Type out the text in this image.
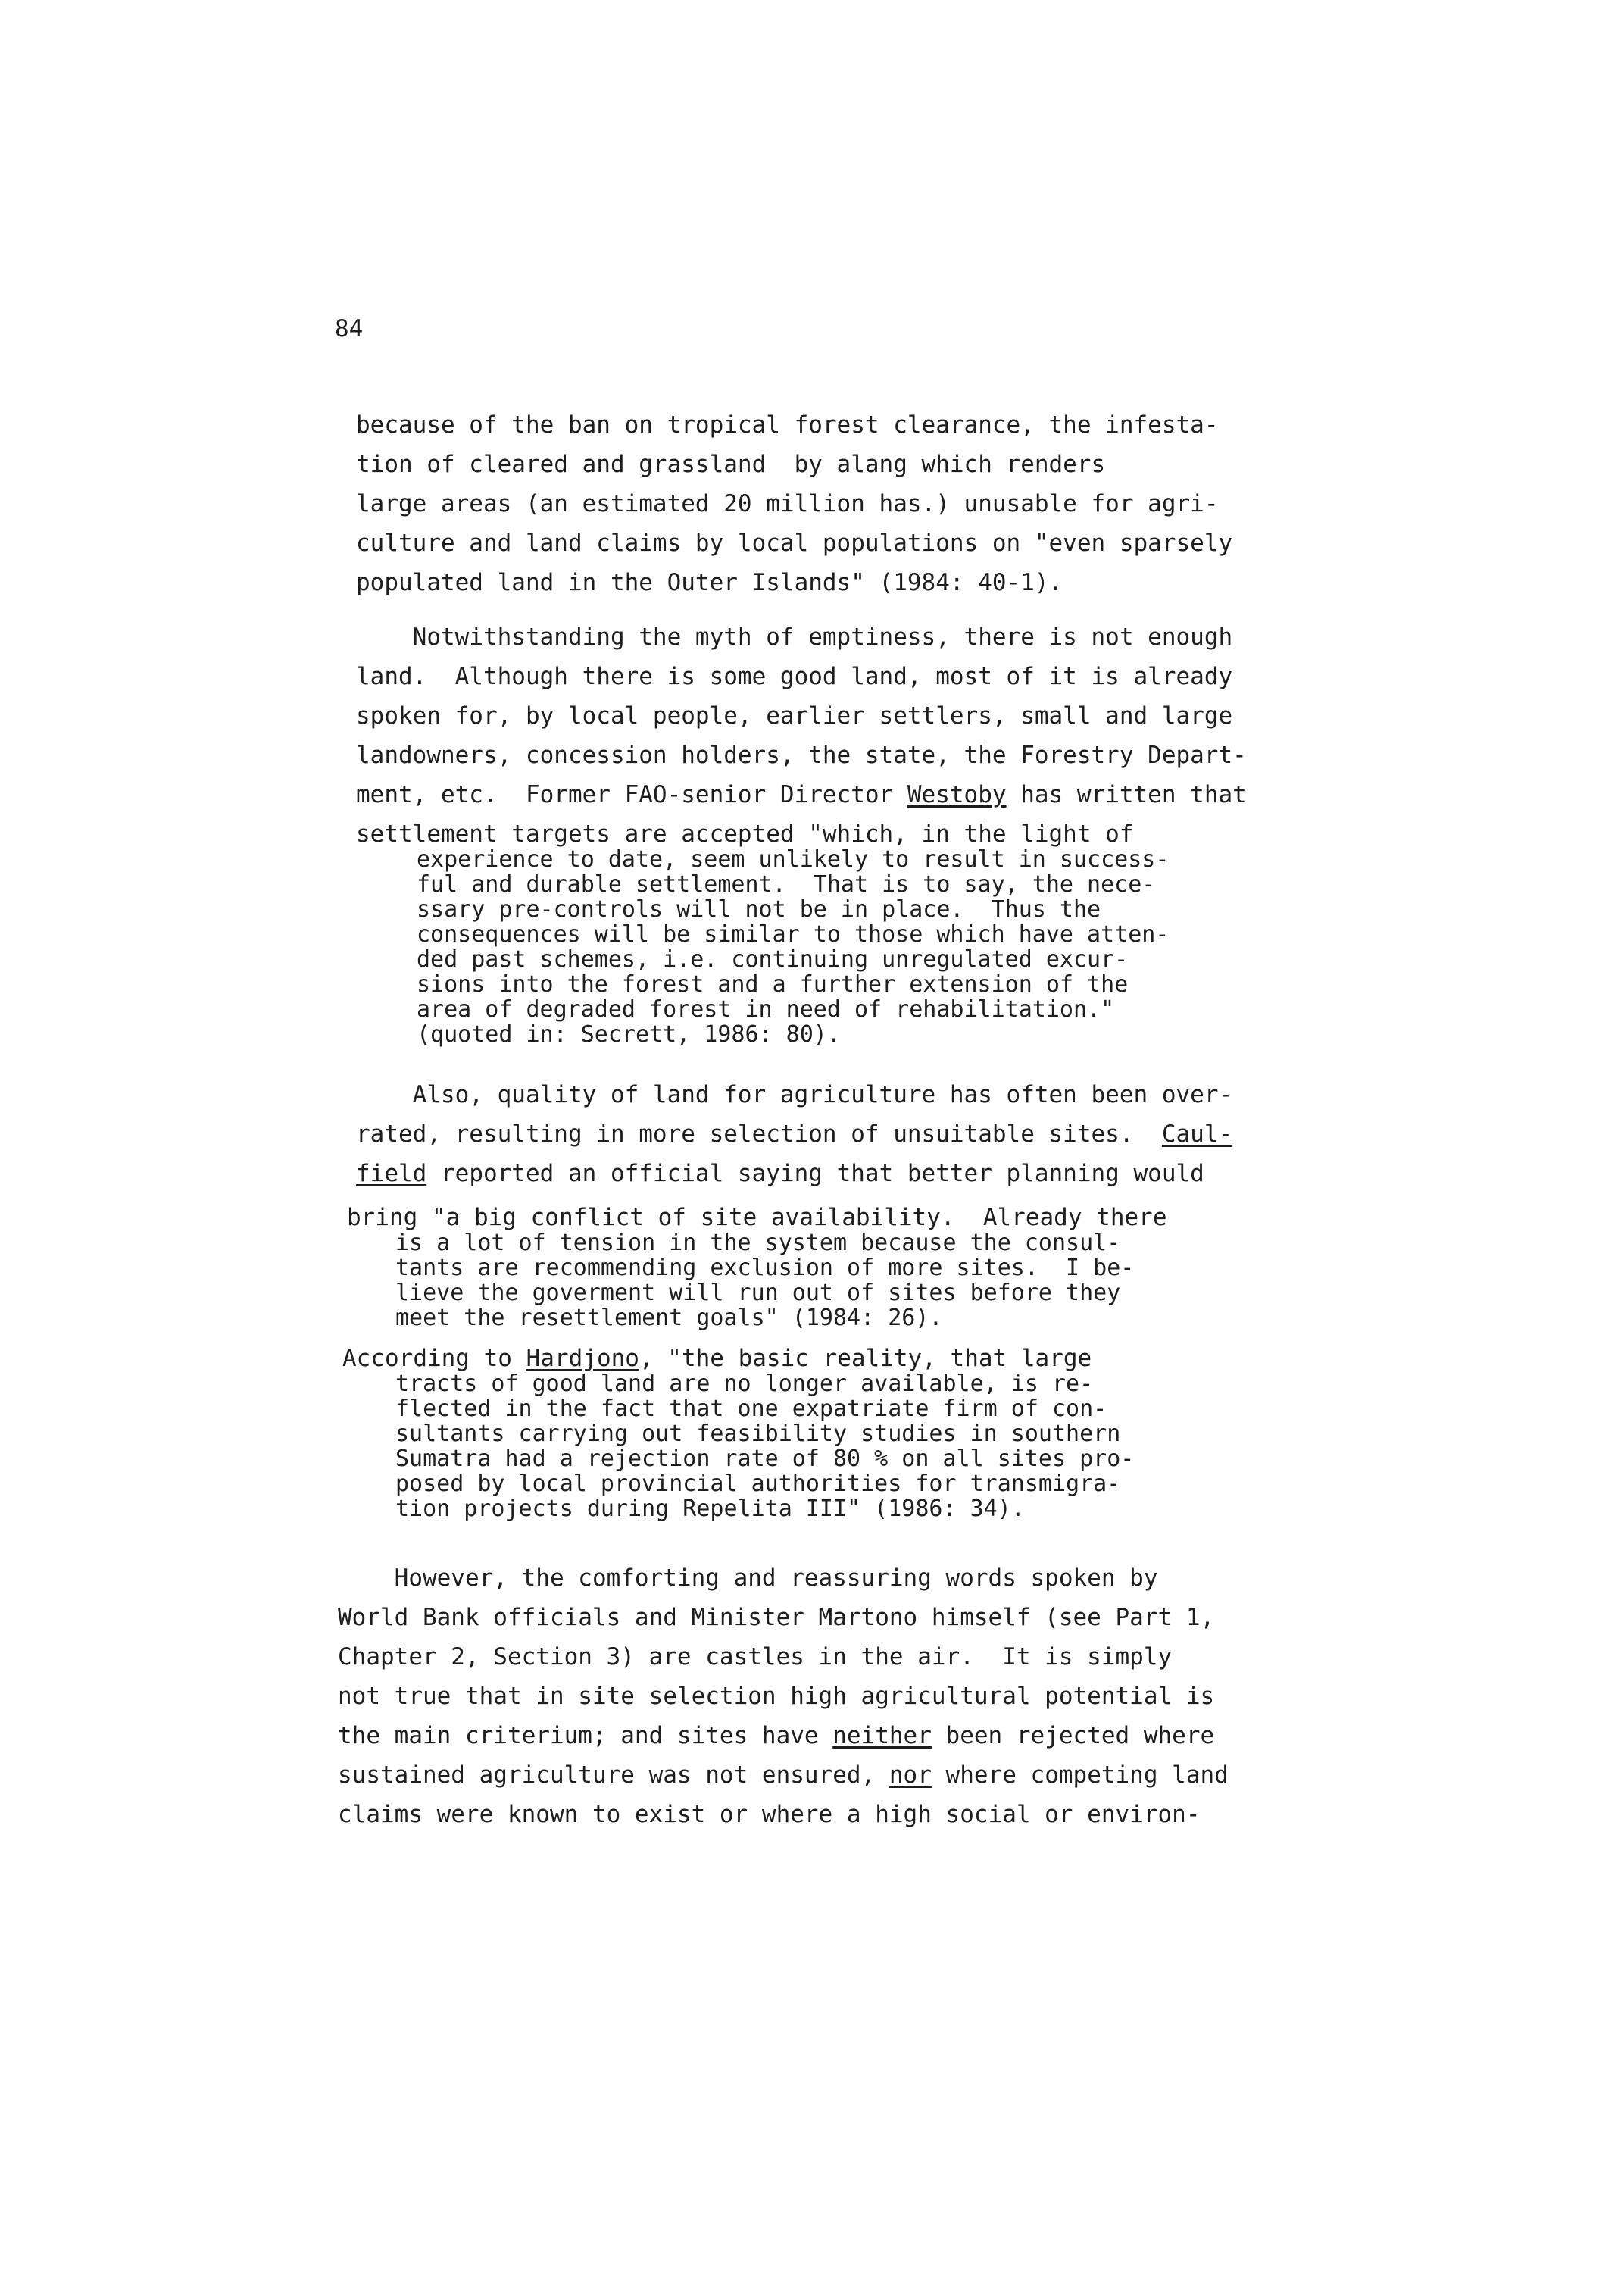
84
because of the ban on tropical forest clearance, the infesta-
tion of cleared and grassland  by alang which renders
large areas (an estimated 20 million has.) unusable for agri-
culture and land claims by local populations on "even sparsely
populated land in the Outer Islands" (1984: 40-1).
Notwithstanding the myth of emptiness, there is not enough
land.  Although there is some good land, most of it is already
spoken for, by local people, earlier settlers, small and large
landowners, concession holders, the state, the Forestry Depart-
ment, etc.  Former FAO-senior Director Westoby has written that
settlement targets are accepted "which, in the light of
experience to date, seem unlikely to result in success-
ful and durable settlement.  That is to say, the nece-
ssary pre-controls will not be in place.  Thus the
consequences will be similar to those which have atten-
ded past schemes, i.e. continuing unregulated excur-
sions into the forest and a further extension of the
area of degraded forest in need of rehabilitation."
(quoted in: Secrett, 1986: 80).
Also, quality of land for agriculture has often been over-
rated, resulting in more selection of unsuitable sites.  Caul-
field reported an official saying that better planning would
bring "a big conflict of site availability.  Already there
is a lot of tension in the system because the consul-
tants are recommending exclusion of more sites.  I be-
lieve the goverment will run out of sites before they
meet the resettlement goals" (1984: 26).
According to Hardjono, "the basic reality, that large
tracts of good land are no longer available, is re-
flected in the fact that one expatriate firm of con-
sultants carrying out feasibility studies in southern
Sumatra had a rejection rate of 80 % on all sites pro-
posed by local provincial authorities for transmigra-
tion projects during Repelita III" (1986: 34).
However, the comforting and reassuring words spoken by
World Bank officials and Minister Martono himself (see Part 1,
Chapter 2, Section 3) are castles in the air.  It is simply
not true that in site selection high agricultural potential is
the main criterium; and sites have neither been rejected where
sustained agriculture was not ensured, nor where competing land
claims were known to exist or where a high social or environ-
